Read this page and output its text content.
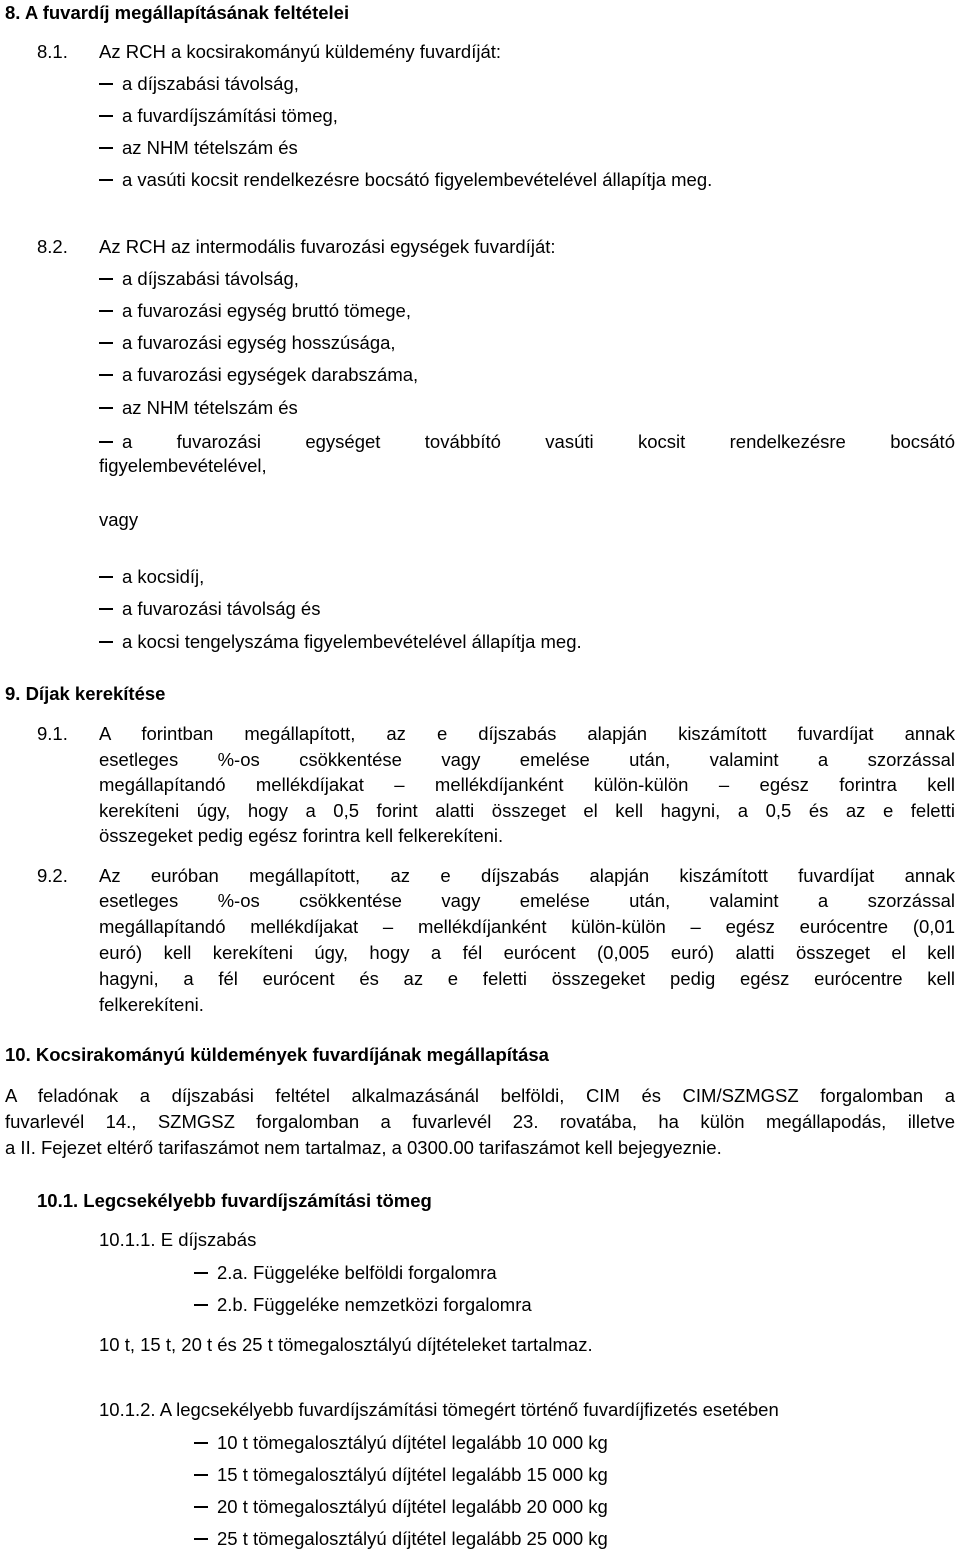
8. A fuvardíj megállapításának feltételei
8.1. Az RCH a kocsirakományú küldemény fuvardíját:
a díjszabási távolság,
a fuvardíjszámítási tömeg,
az NHM tételszám és
a vasúti kocsit rendelkezésre bocsátó figyelembevételével állapítja meg.
8.2. Az RCH az intermodális fuvarozási egységek fuvardíját:
a díjszabási távolság,
a fuvarozási egység bruttó tömege,
a fuvarozási egység hosszúsága,
a fuvarozási egységek darabszáma,
az NHM tételszám és
a fuvarozási egységet továbbító vasúti kocsit rendelkezésre bocsátó
figyelembevételével,
vagy
a kocsidíj,
a fuvarozási távolság és
a kocsi tengelyszáma figyelembevételével állapítja meg.
9. Díjak kerekítése
9.1. A forintban megállapított, az e díjszabás alapján kiszámított fuvardíjat annak
esetleges %-os csökkentése vagy emelése után, valamint a szorzással
megállapítandó mellékdíjakat – mellékdíjanként külön-külön – egész forintra kell
kerekíteni úgy, hogy a 0,5 forint alatti összeget el kell hagyni, a 0,5 és az e feletti
összegeket pedig egész forintra kell felkerekíteni.
9.2. Az euróban megállapított, az e díjszabás alapján kiszámított fuvardíjat annak
esetleges %-os csökkentése vagy emelése után, valamint a szorzással
megállapítandó mellékdíjakat – mellékdíjanként külön-külön – egész eurócentre (0,01
euró) kell kerekíteni úgy, hogy a fél eurócent (0,005 euró) alatti összeget el kell
hagyni, a fél eurócent és az e feletti összegeket pedig egész eurócentre kell
felkerekíteni.
10. Kocsirakományú küldemények fuvardíjának megállapítása
A feladónak a díjszabási feltétel alkalmazásánál belföldi, CIM és CIM/SZMGSZ forgalomban a
fuvarlevél 14., SZMGSZ forgalomban a fuvarlevél 23. rovatába, ha külön megállapodás, illetve
a II. Fejezet eltérő tarifaszámot nem tartalmaz, a 0300.00 tarifaszámot kell bejegyeznie.
10.1. Legcsekélyebb fuvardíjszámítási tömeg
10.1.1. E díjszabás
2.a. Függeléke belföldi forgalomra
2.b. Függeléke nemzetközi forgalomra
10 t, 15 t, 20 t és 25 t tömegalosztályú díjtételeket tartalmaz.
10.1.2. A legcsekélyebb fuvardíjszámítási tömegért történő fuvardíjfizetés esetében
10 t tömegalosztályú díjtétel legalább 10 000 kg
15 t tömegalosztályú díjtétel legalább 15 000 kg
20 t tömegalosztályú díjtétel legalább 20 000 kg
25 t tömegalosztályú díjtétel legalább 25 000 kg
